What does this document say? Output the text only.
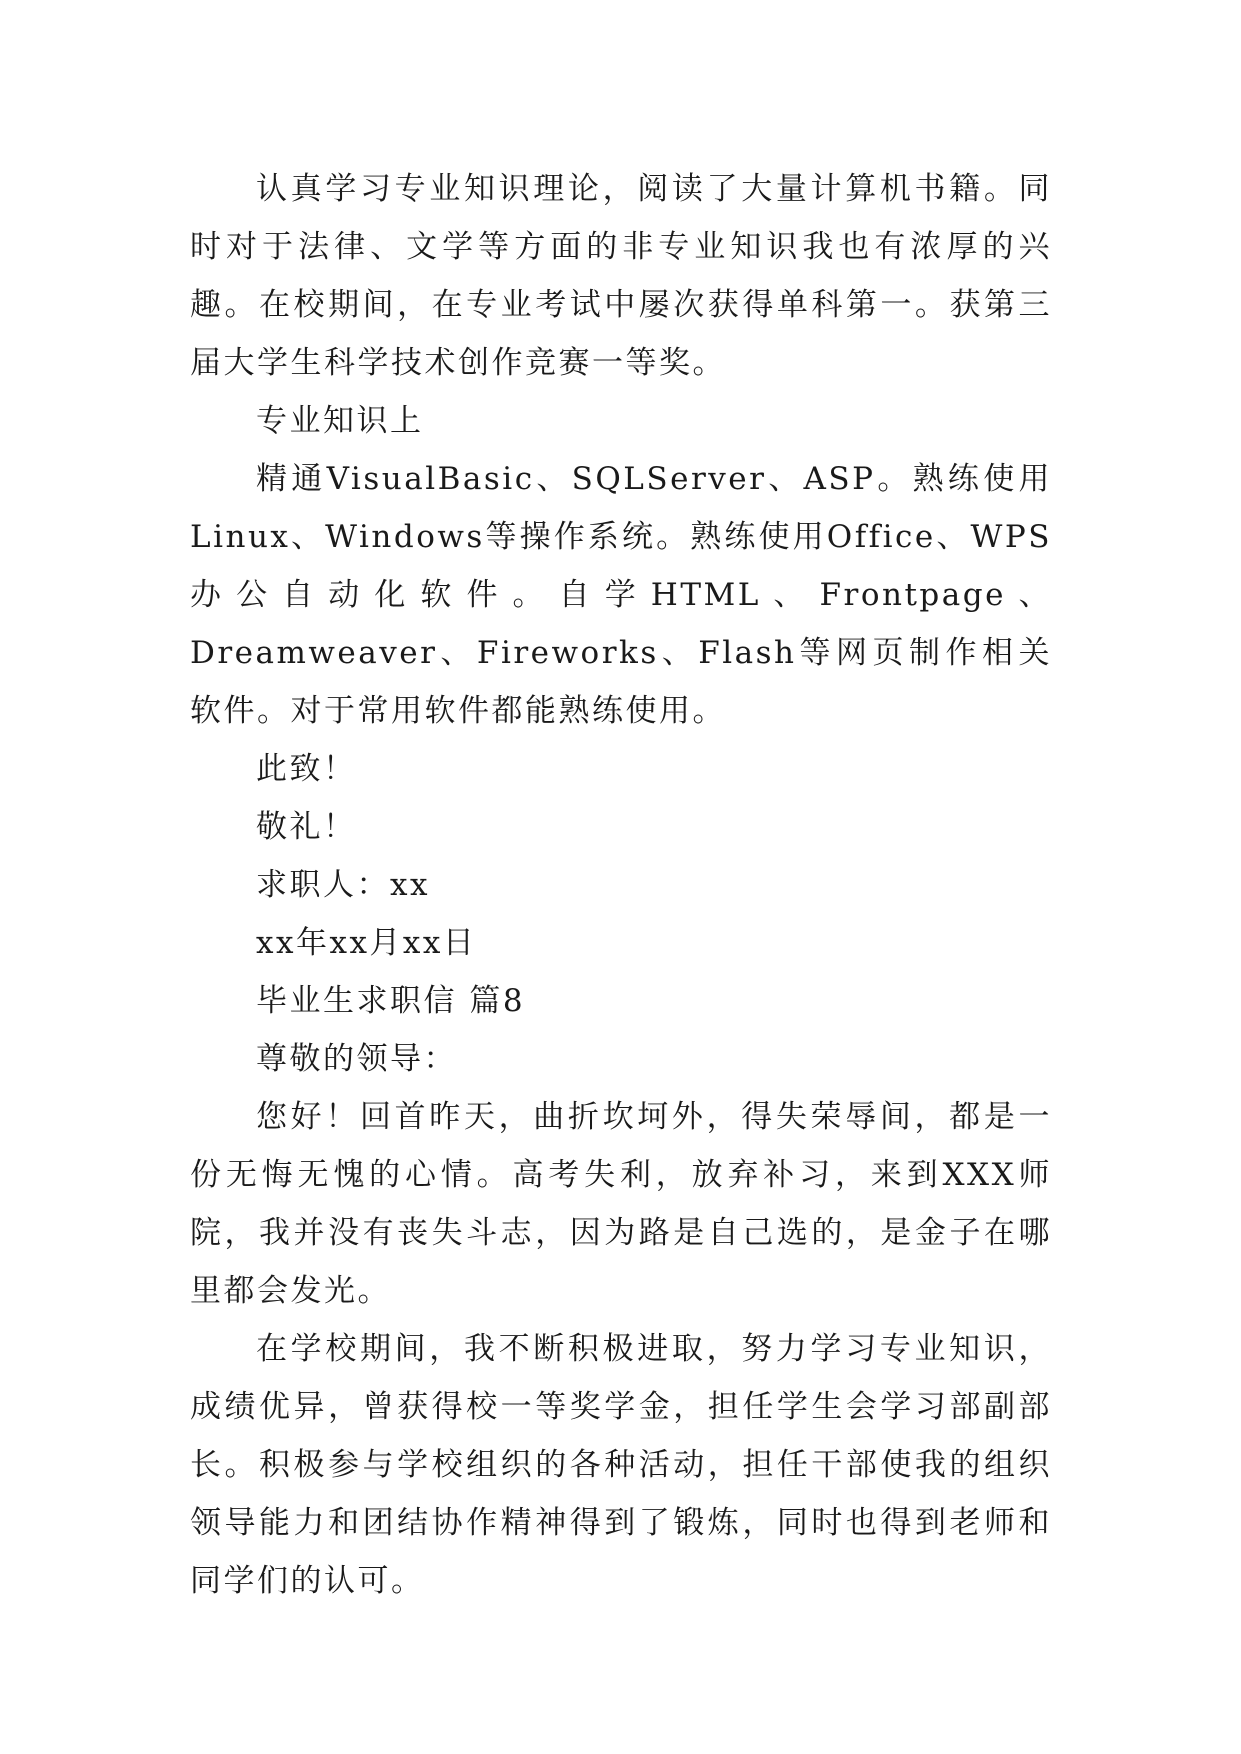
认真学习专业知识理论，阅读了大量计算机书籍。同时对于法律、文学等方面的非专业知识我也有浓厚的兴趣。在校期间，在专业考试中屡次获得单科第一。获第三届大学生科学技术创作竞赛一等奖。

专业知识上

精通VisualBasic、SQLServer、ASP。熟练使用Linux、Windows等操作系统。熟练使用Office、WPS办公自动化软件。自学HTML、Frontpage、Dreamweaver、Fireworks、Flash等网页制作相关软件。对于常用软件都能熟练使用。

此致！

敬礼！

求职人：xx

xx年xx月xx日

毕业生求职信 篇8

尊敬的领导：

您好！回首昨天，曲折坎坷外，得失荣辱间，都是一份无悔无愧的心情。高考失利，放弃补习，来到XXX师院，我并没有丧失斗志，因为路是自己选的，是金子在哪里都会发光。

在学校期间，我不断积极进取，努力学习专业知识，成绩优异，曾获得校一等奖学金，担任学生会学习部副部长。积极参与学校组织的各种活动，担任干部使我的组织领导能力和团结协作精神得到了锻炼，同时也得到老师和同学们的认可。
